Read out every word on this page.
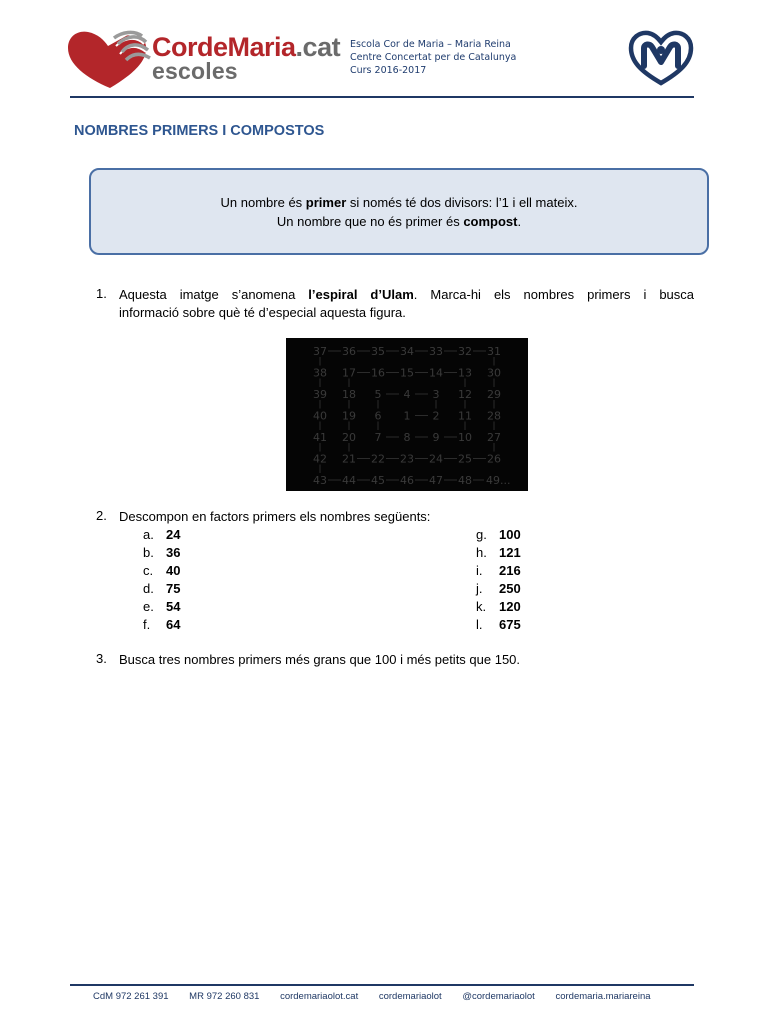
CordeMaria.cat
escoles
Escola Cor de Maria – Maria Reina
Centre Concertat per de Catalunya
Curs 2016-2017
NOMBRES PRIMERS I COMPOSTOS
Un nombre és primer si només té dos divisors: l’1 i ell mateix.
Un nombre que no és primer és compost.
1. Aquesta imatge s’anomena l’espiral d’Ulam. Marca-hi els nombres primers i busca
informació sobre què té d’especial aquesta figura.
37 36 35 34 33 32 31
38 17 16 15 14 13 30
39 18 5 4 3 12 29
40 19 6 1 2 11 28
41 20 7 8 9 10 27
42 21 22 23 24 25 26
43 44 45 46 47 48 49...
2. Descompon en factors primers els nombres següents:
a. 24
b. 36
c. 40
d. 75
e. 54
f. 64
g. 100
h. 121
i. 216
j. 250
k. 120
l. 675
3. Busca tres nombres primers més grans que 100 i més petits que 150.
CdM 972 261 391 MR 972 260 831 cordemariaolot.cat cordemariaolot @cordemariaolot cordemaria.mariareina
